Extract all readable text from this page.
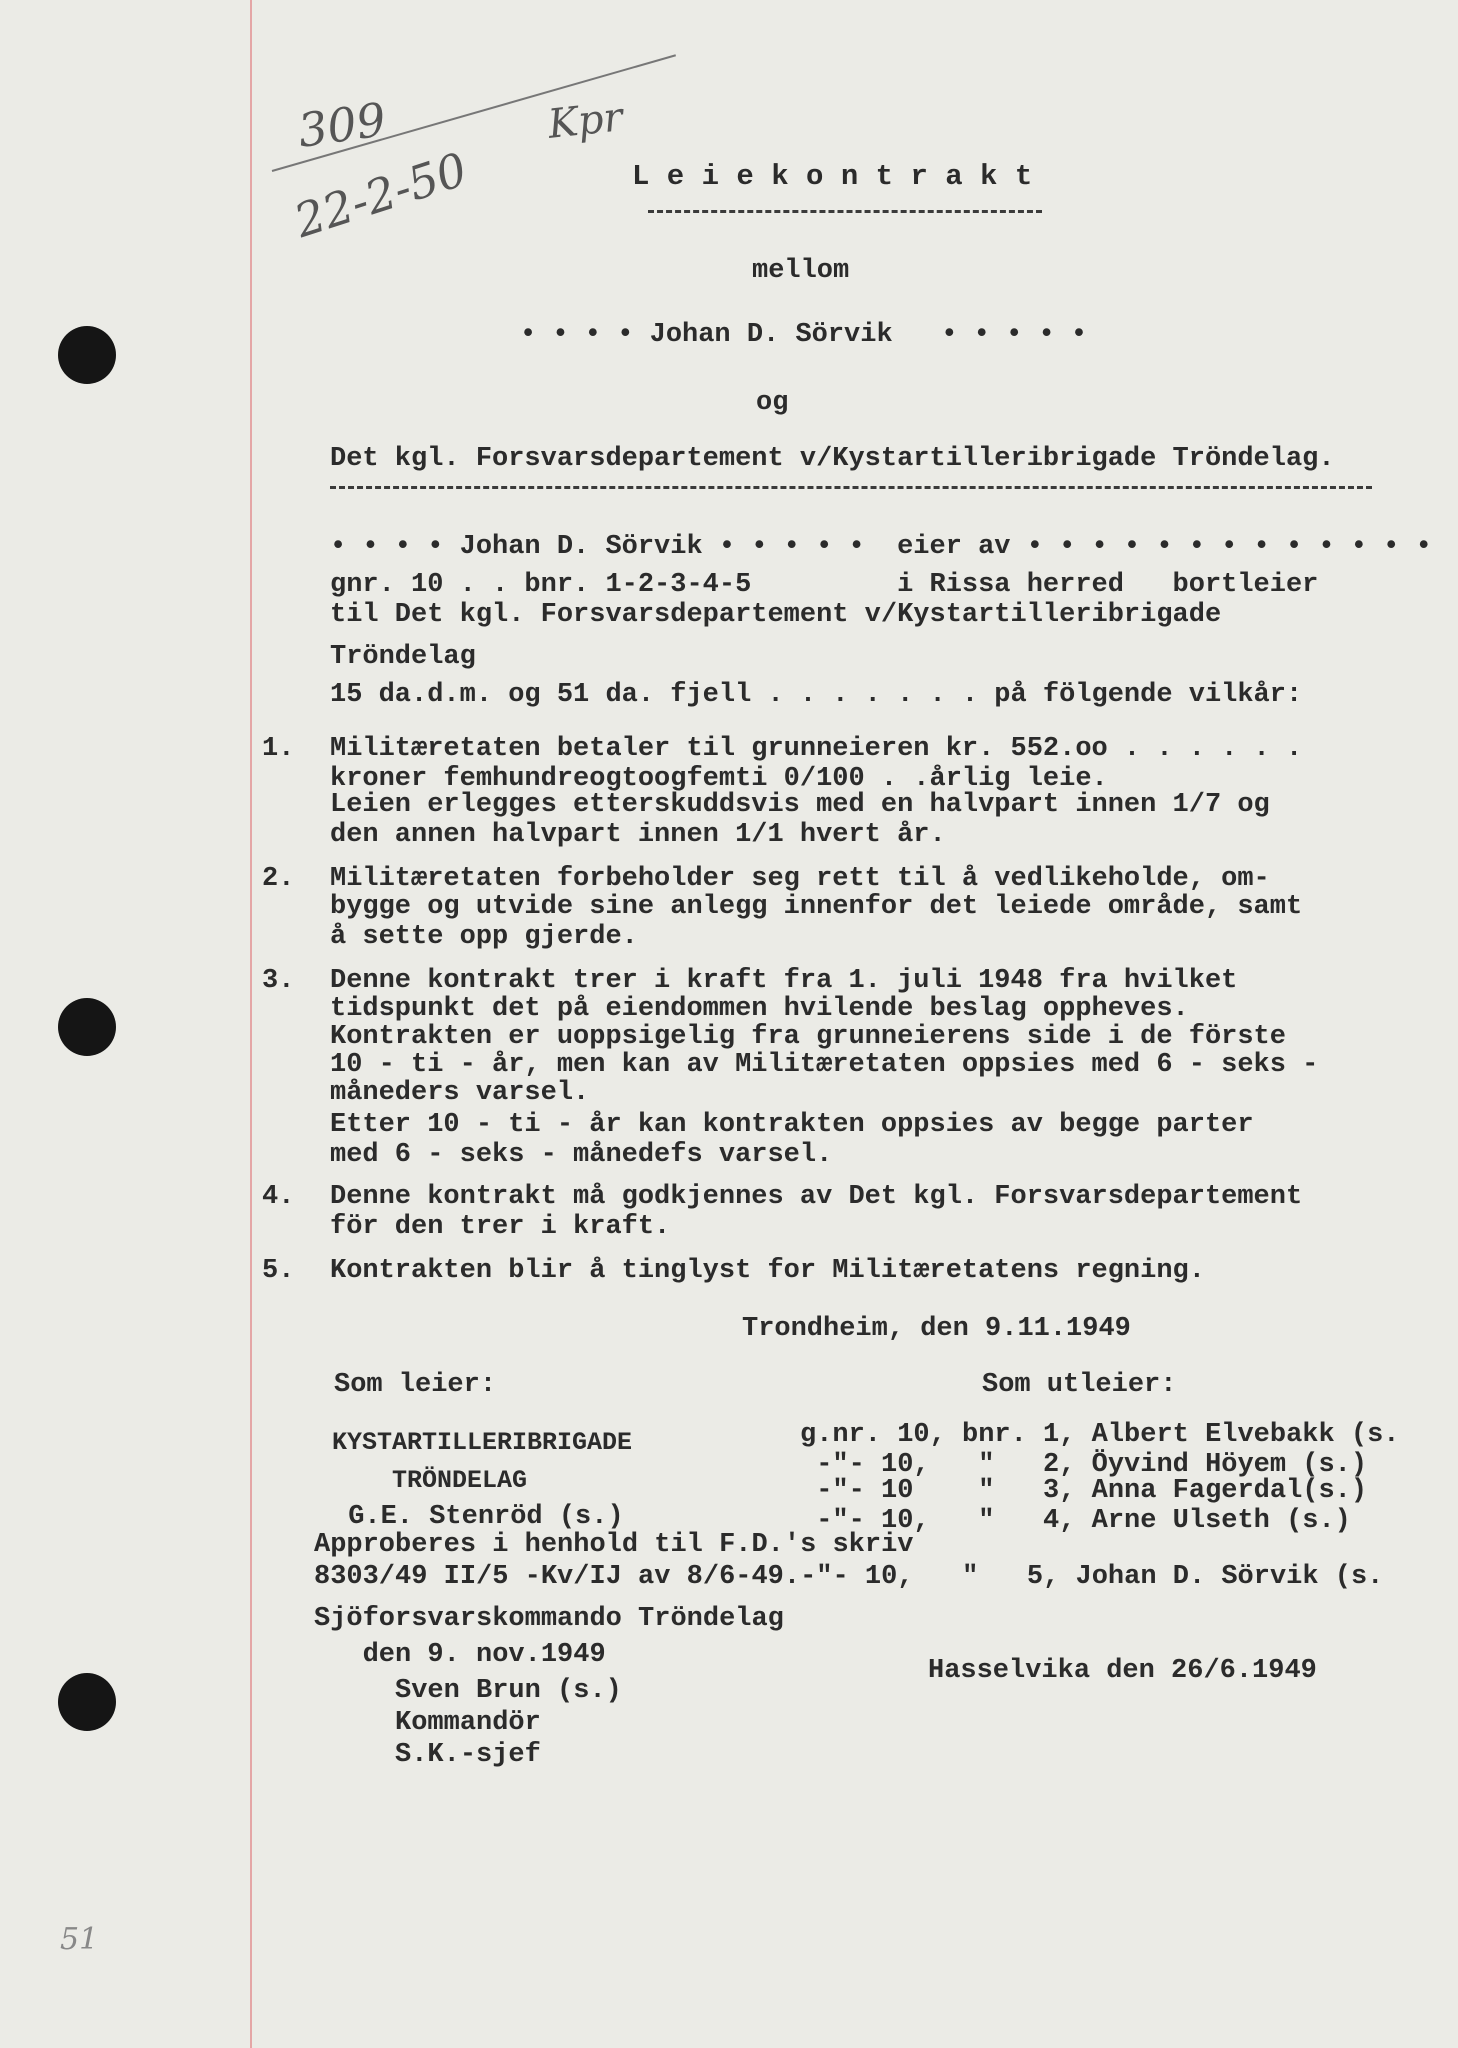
309
22-2-50
Kpr
L e i e k o n t r a k t
mellom
• • • • Johan D. Sörvik   • • • • •
og
Det kgl. Forsvarsdepartement v/Kystartilleribrigade Tröndelag.
• • • • Johan D. Sörvik • • • • •  eier av • • • • • • • • • • • • •
gnr. 10 . . bnr. 1-2-3-4-5         i Rissa herred   bortleier
til Det kgl. Forsvarsdepartement v/Kystartilleribrigade
Tröndelag
15 da.d.m. og 51 da. fjell . . . . . . . på fölgende vilkår:
1. Militæretaten betaler til grunneieren kr. 552.oo . . . . . .
kroner femhundreogtoogfemti 0/100 . .årlig leie.
Leien erlegges etterskuddsvis med en halvpart innen 1/7 og
den annen halvpart innen 1/1 hvert år.
2. Militæretaten forbeholder seg rett til å vedlikeholde, om-
bygge og utvide sine anlegg innenfor det leiede område, samt
å sette opp gjerde.
3. Denne kontrakt trer i kraft fra 1. juli 1948 fra hvilket
tidspunkt det på eiendommen hvilende beslag oppheves.
Kontrakten er uoppsigelig fra grunneierens side i de förste
10 - ti - år, men kan av Militæretaten oppsies med 6 - seks -
måneders varsel.
Etter 10 - ti - år kan kontrakten oppsies av begge parter
med 6 - seks - månedefs varsel.
4. Denne kontrakt må godkjennes av Det kgl. Forsvarsdepartement
för den trer i kraft.
5. Kontrakten blir å tinglyst for Militæretatens regning.
Trondheim, den 9.11.1949
Som leier:	Som utleier:
KYSTARTILLERIBRIGADE
TRÖNDELAG
G.E. Stenröd (s.)
g.nr. 10, bnr. 1, Albert Elvebakk (s.
-"- 10,   "   2, Öyvind Höyem (s.)
-"- 10    "   3, Anna Fagerdal(s.)
-"- 10,   "   4, Arne Ulseth (s.)
Approberes i henhold til F.D.'s skriv
8303/49 II/5 -Kv/IJ av 8/6-49.-"- 10,   "   5, Johan D. Sörvik (s.
Sjöforsvarskommando Tröndelag
den 9. nov.1949
Sven Brun (s.)
Kommandör
S.K.-sjef
Hasselvika den 26/6.1949
51
